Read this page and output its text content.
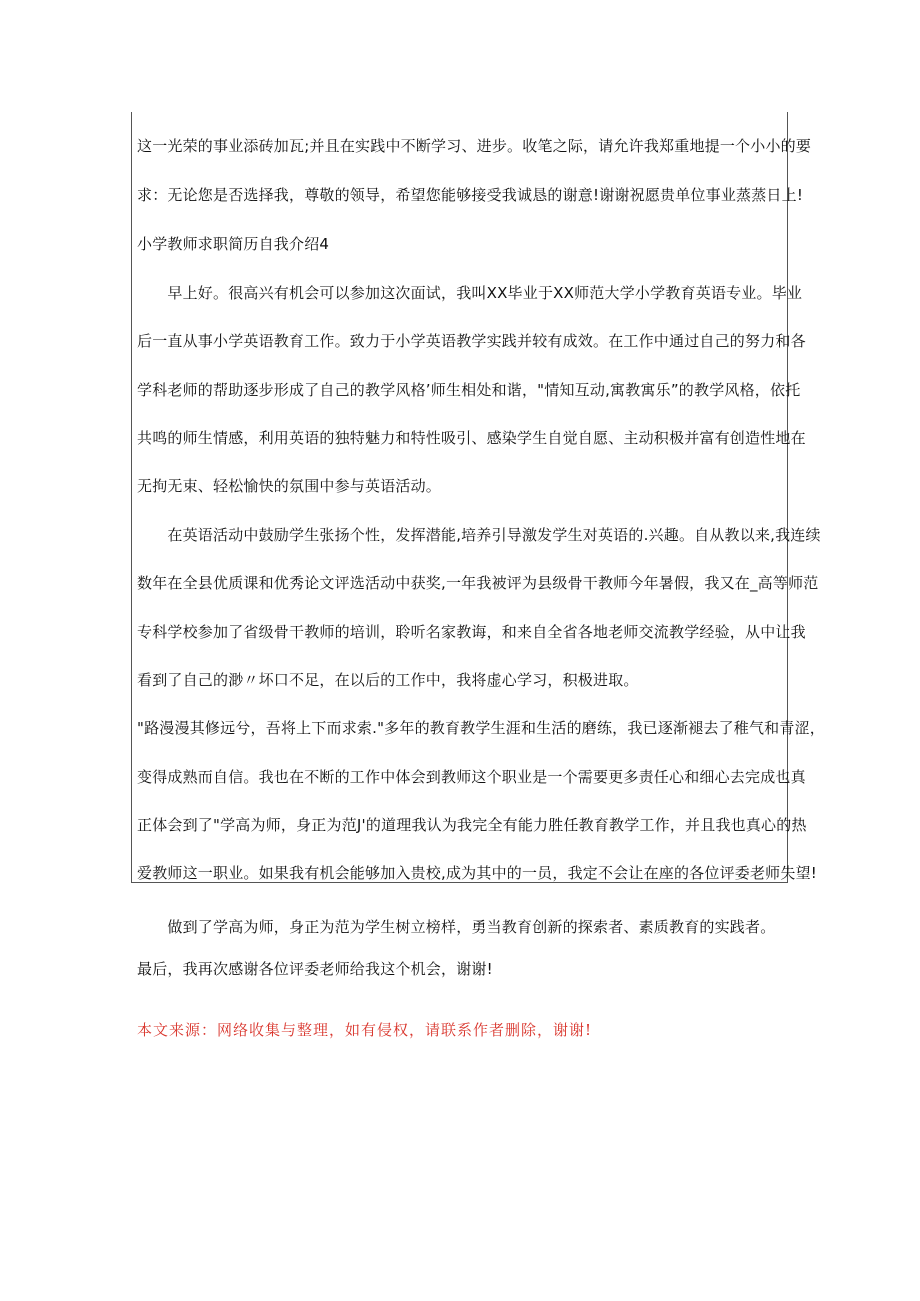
这一光荣的事业添砖加瓦;并且在实践中不断学习、进步。收笔之际，请允许我郑重地提一个小小的要
求：无论您是否选择我，尊敬的领导，希望您能够接受我诚恳的谢意!谢谢祝愿贵单位事业蒸蒸日上!
小学教师求职简历自我介绍4
　　早上好。很高兴有机会可以参加这次面试，我叫XX毕业于XX师范大学小学教育英语专业。毕业
后一直从事小学英语教育工作。致力于小学英语教学实践并较有成效。在工作中通过自己的努力和各
学科老师的帮助逐步形成了自己的教学风格’师生相处和谐，"情知互动,寓教寓乐”的教学风格，依托
共鸣的师生情感，利用英语的独特魅力和特性吸引、感染学生自觉自愿、主动积极并富有创造性地在
无拘无束、轻松愉快的氛围中参与英语活动。
　　在英语活动中鼓励学生张扬个性，发挥潜能,培养引导激发学生对英语的.兴趣。自从教以来,我连续
数年在全县优质课和优秀论文评选活动中获奖,一年我被评为县级骨干教师今年暑假，我又在_高等师范
专科学校参加了省级骨干教师的培训，聆听名家教诲，和来自全省各地老师交流教学经验，从中让我
看到了自己的渺〃坏口不足，在以后的工作中，我将虚心学习，积极进取。
"路漫漫其修远兮，吾将上下而求索."多年的教育教学生涯和生活的磨练，我已逐渐褪去了稚气和青涩，
变得成熟而自信。我也在不断的工作中体会到教师这个职业是一个需要更多责任心和细心去完成也真
正体会到了"学高为师，身正为范J'的道理我认为我完全有能力胜任教育教学工作，并且我也真心的热
爱教师这一职业。如果我有机会能够加入贵校,成为其中的一员，我定不会让在座的各位评委老师失望!
　　做到了学高为师，身正为范为学生树立榜样，勇当教育创新的探索者、素质教育的实践者。
最后，我再次感谢各位评委老师给我这个机会，谢谢!
本文来源：网络收集与整理，如有侵权，请联系作者删除，谢谢!
